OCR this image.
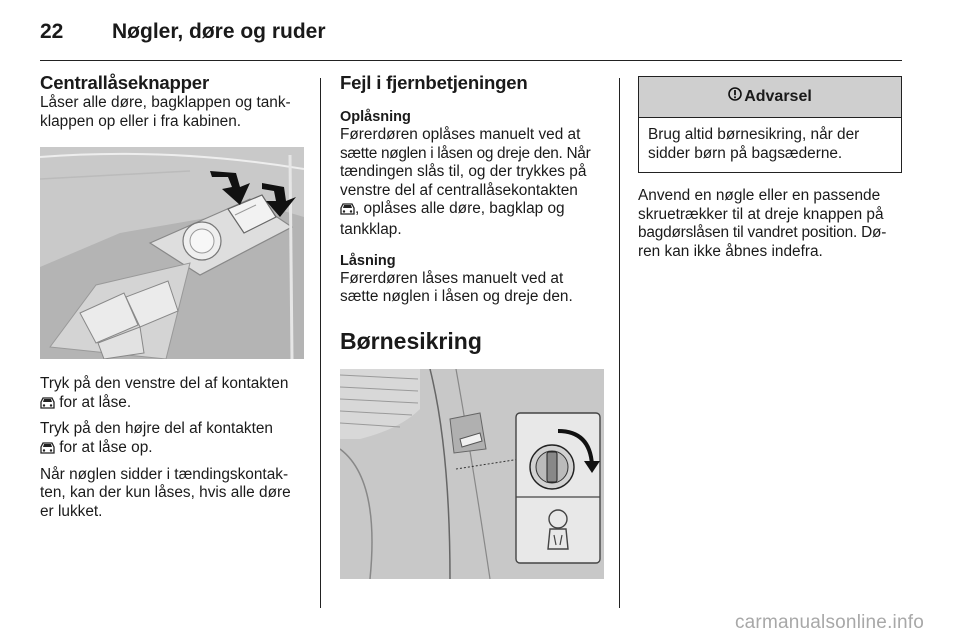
22 Nøgler, døre og ruder
Centrallåseknapper

Låser alle døre, bagklappen og tank-

klappen op eller i fra kabinen.

Tryk på den venstre del af kontakten

for at låse.

Tryk på den højre del af kontakten

for at låse op.

Når nøglen sidder i tændingskontak-

ten, kan der kun låses, hvis alle døre

er lukket.

Fejl i fjernbetjeningen
Oplåsning

Førerdøren oplåses manuelt ved at

sætte nøglen i låsen og dreje den. Når

tændingen slås til, og der trykkes på

venstre del af centrallåsekontakten

, oplåses alle døre, bagklap og

tankklap.

Låsning

Førerdøren låses manuelt ved at

sætte nøglen i låsen og dreje den.

Børnesikring
Advarsel

Brug altid børnesikring, når der

sidder børn på bagsæderne.

Anvend en nøgle eller en passende

skruetrækker til at dreje knappen på

bagdørslåsen til vandret position. Dø-

ren kan ikke åbnes indefra.

carmanualsonline.info
